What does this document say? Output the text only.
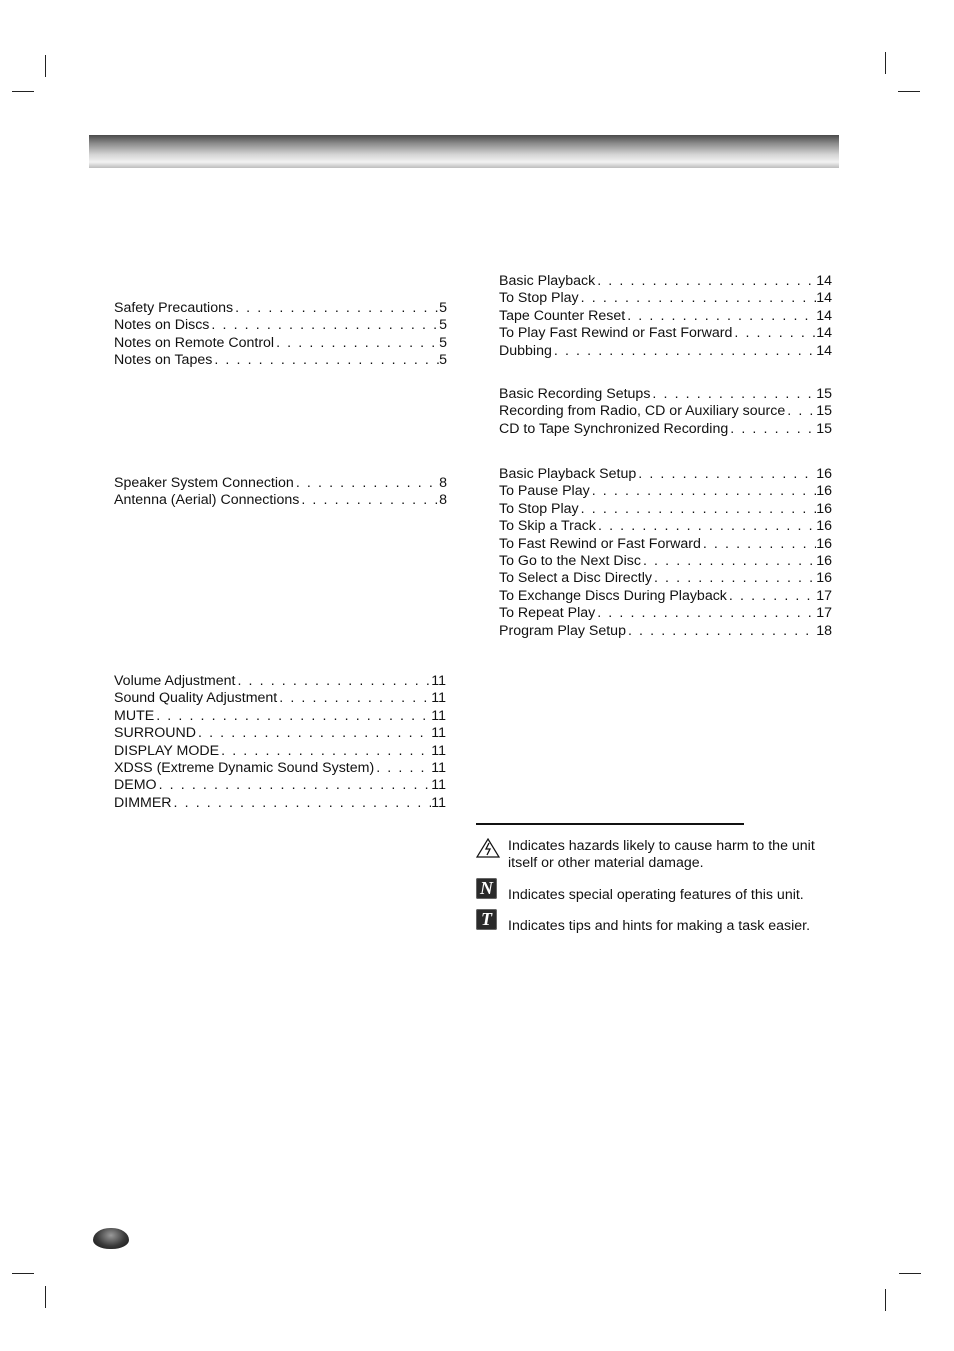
Safety Precautions . . .	5
Notes on Discs . . .	5
Notes on Remote Control . . .	5
Notes on Tapes . . .	5
Speaker System Connection . . .	8
Antenna (Aerial) Connections . . .	8
Volume Adjustment . . .	11
Sound Quality Adjustment . . .	11
MUTE . . .	11
SURROUND . . .	11
DISPLAY MODE . . .	11
XDSS (Extreme Dynamic Sound System) . . .	11
DEMO . . .	11
DIMMER . . .	11
Basic Playback . . .	14
To Stop Play . . .	14
Tape Counter Reset . . .	14
To Play Fast Rewind or Fast Forward . . .	14
Dubbing . . .	14
Basic Recording Setups . . .	15
Recording from Radio, CD or Auxiliary source . . . 15
CD to Tape Synchronized Recording . . .	15
Basic Playback Setup . . .	16
To Pause Play . . .	16
To Stop Play . . .	16
To Skip a Track . . .	16
To Fast Rewind or Fast Forward . . .	16
To Go to the Next Disc . . .	16
To Select a Disc Directly . . .	16
To Exchange Discs During Playback . . .	17
To Repeat Play . . .	17
Program Play Setup . . .	18
Indicates hazards likely to cause harm to the unit itself or other material damage.
N Indicates special operating features of this unit.
T	Indicates tips and hints for making a task easier.
